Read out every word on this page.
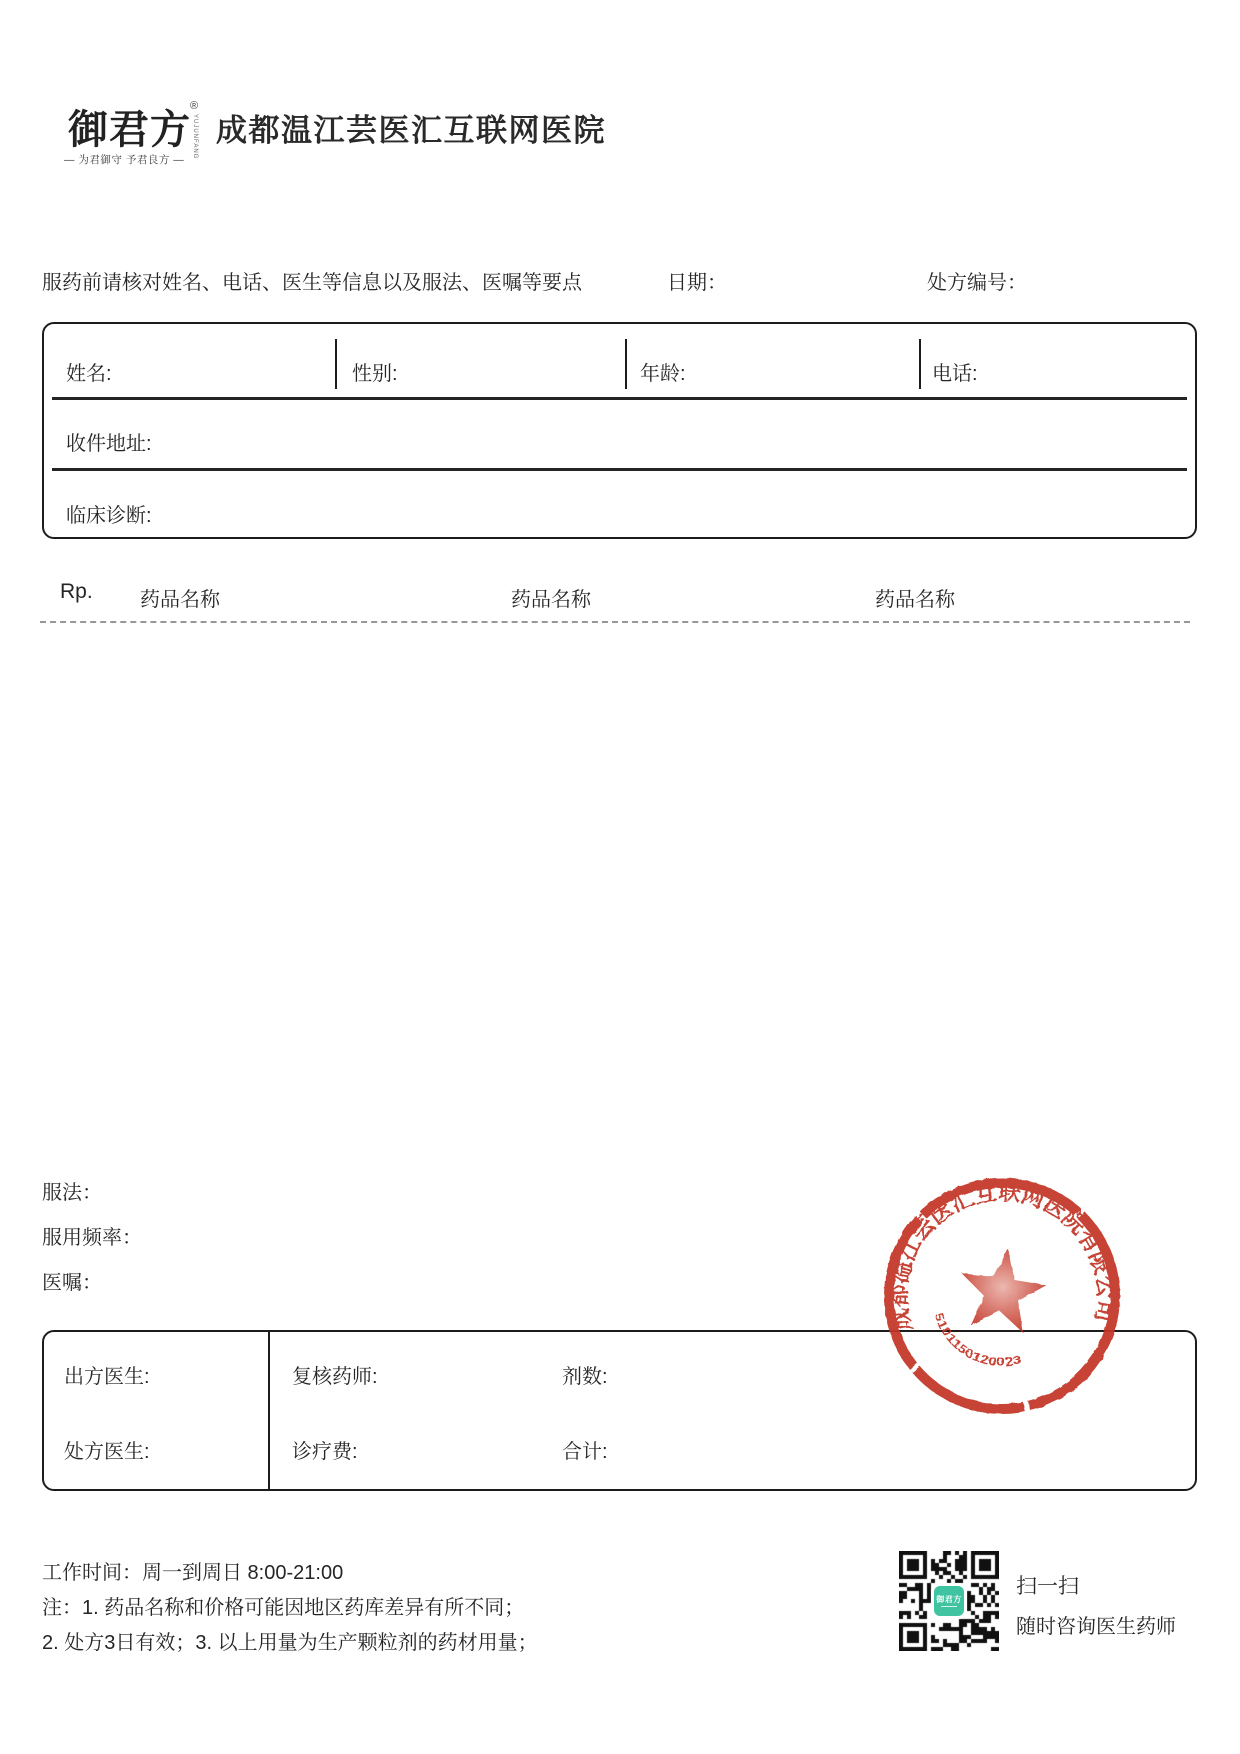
御君方
®
YUJUNFANG
— 为君御守 予君良方 —
成都温江芸医汇互联网医院
服药前请核对姓名、电话、医生等信息以及服法、医嘱等要点	日期：	处方编号：
姓名:	性别:	年龄:	电话:
收件地址:
临床诊断:
Rp. 药品名称	药品名称	药品名称
服法：
服用频率：
医嘱：
出方医生:	复核药师:	剂数:
处方医生:	诊疗费:	合计:
成都温江芸医汇互联网医院有限公司
5101150120023
工作时间：周一到周日 8:00-21:00
注：1. 药品名称和价格可能因地区药库差异有所不同；
2. 处方3日有效；3. 以上用量为生产颗粒剂的药材用量；
御君方
扫一扫
随时咨询医生药师
